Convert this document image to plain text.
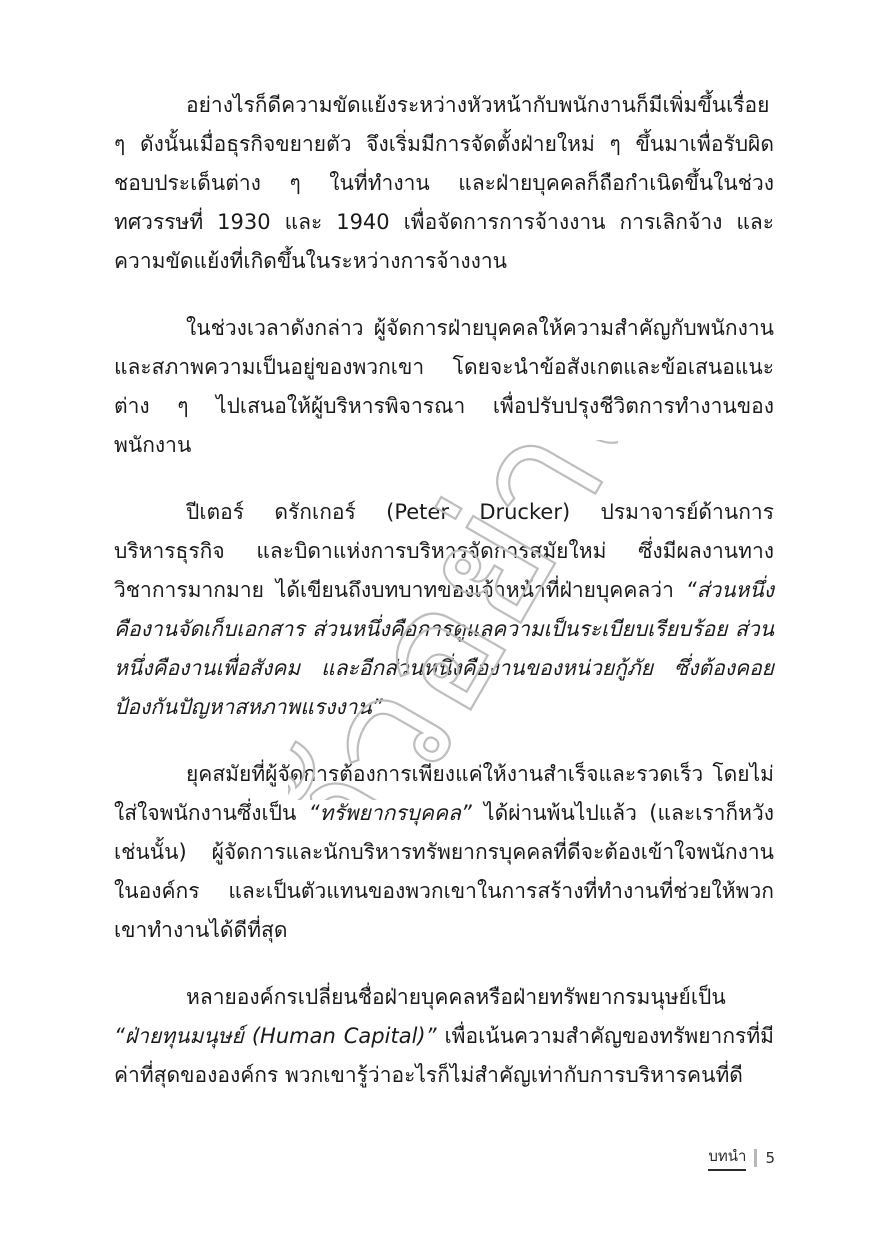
อย่างไรก็ดีความขัดแย้งระหว่างหัวหน้ากับพนักงานก็มีเพิ่มขึ้นเรื่อย ๆ ดังนั้นเมื่อธุรกิจขยายตัว จึงเริ่มมีการจัดตั้งฝ่ายใหม่ ๆ ขึ้นมาเพื่อรับผิดชอบประเด็นต่าง ๆ ในที่ทำงาน และฝ่ายบุคคลก็ถือกำเนิดขึ้นในช่วงทศวรรษที่ 1930 และ 1940 เพื่อจัดการการจ้างงาน การเลิกจ้าง และความขัดแย้งที่เกิดขึ้นในระหว่างการจ้างงาน

ในช่วงเวลาดังกล่าว ผู้จัดการฝ่ายบุคคลให้ความสำคัญกับพนักงานและสภาพความเป็นอยู่ของพวกเขา โดยจะนำข้อสังเกตและข้อเสนอแนะต่าง ๆ ไปเสนอให้ผู้บริหารพิจารณา เพื่อปรับปรุงชีวิตการทำงานของพนักงาน

ปีเตอร์ ดรักเกอร์ (Peter Drucker) ปรมาจารย์ด้านการบริหารธุรกิจ และบิดาแห่งการบริหารจัดการสมัยใหม่ ซึ่งมีผลงานทางวิชาการมากมาย ได้เขียนถึงบทบาทของเจ้าหน้าที่ฝ่ายบุคคลว่า “ส่วนหนึ่งคืองานจัดเก็บเอกสาร ส่วนหนึ่งคือการดูแลความเป็นระเบียบเรียบร้อย ส่วนหนึ่งคืองานเพื่อสังคม และอีกส่วนหนึ่งคืองานของหน่วยกู้ภัย ซึ่งต้องคอยป้องกันปัญหาสหภาพแรงงาน”

ยุคสมัยที่ผู้จัดการต้องการเพียงแค่ให้งานสำเร็จและรวดเร็ว โดยไม่ใส่ใจพนักงานซึ่งเป็น “ทรัพยากรบุคคล” ได้ผ่านพ้นไปแล้ว (และเราก็หวังเช่นนั้น) ผู้จัดการและนักบริหารทรัพยากรบุคคลที่ดีจะต้องเข้าใจพนักงานในองค์กร และเป็นตัวแทนของพวกเขาในการสร้างที่ทำงานที่ช่วยให้พวกเขาทำงานได้ดีที่สุด

หลายองค์กรเปลี่ยนชื่อฝ่ายบุคคลหรือฝ่ายทรัพยากรมนุษย์เป็น “ฝ่ายทุนมนุษย์ (Human Capital)” เพื่อเน้นความสำคัญของทรัพยากรที่มีค่าที่สุดขององค์กร พวกเขารู้ว่าอะไรก็ไม่สำคัญเท่ากับการบริหารคนที่ดี

ตัวอย่าง
บทนำ 5
